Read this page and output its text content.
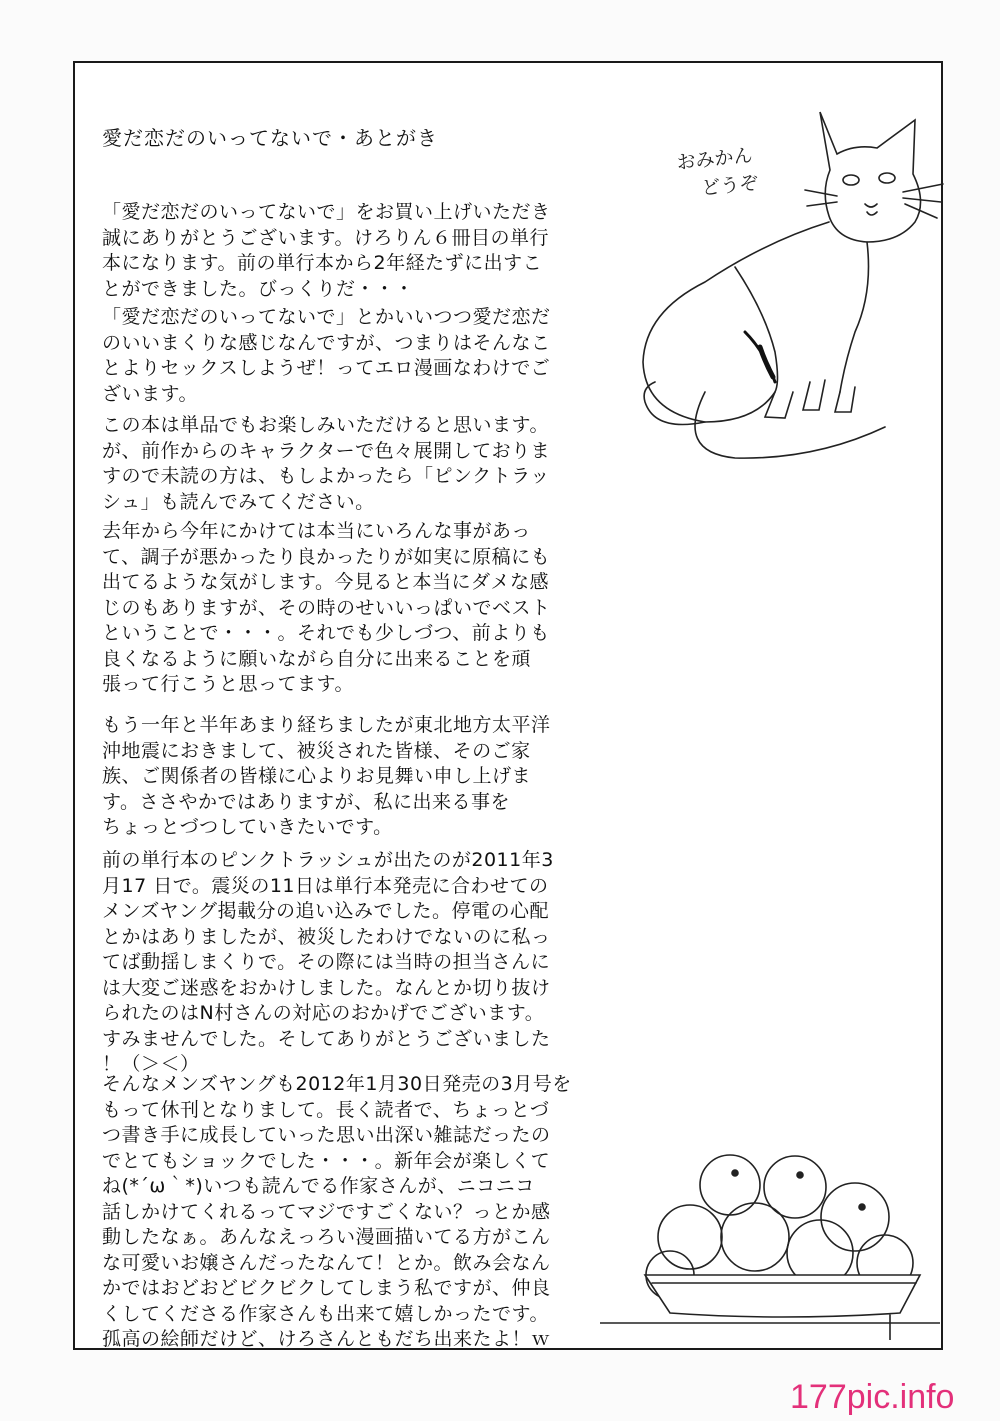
愛だ恋だのいってないで・あとがき
おみかん
どうぞ
「愛だ恋だのいってないで」をお買い上げいただき
誠にありがとうございます。けろりん６冊目の単行
本になります。前の単行本から2年経たずに出すこ
とができました。びっくりだ・・・
「愛だ恋だのいってないで」とかいいつつ愛だ恋だ
のいいまくりな感じなんですが、つまりはそんなこ
とよりセックスしようぜ！ってエロ漫画なわけでご
ざいます。
この本は単品でもお楽しみいただけると思います。
が、前作からのキャラクターで色々展開しておりま
すので未読の方は、もしよかったら「ピンクトラッ
シュ」も読んでみてください。
去年から今年にかけては本当にいろんな事があっ
て、調子が悪かったり良かったりが如実に原稿にも
出てるような気がします。今見ると本当にダメな感
じのもありますが、その時のせいいっぱいでベスト
ということで・・・。それでも少しづつ、前よりも
良くなるように願いながら自分に出来ることを頑
張って行こうと思ってます。
もう一年と半年あまり経ちましたが東北地方太平洋
沖地震におきまして、被災された皆様、そのご家
族、ご関係者の皆様に心よりお見舞い申し上げま
す。ささやかではありますが、私に出来る事を
ちょっとづつしていきたいです。
前の単行本のピンクトラッシュが出たのが2011年3
月17 日で。震災の11日は単行本発売に合わせての
メンズヤング掲載分の追い込みでした。停電の心配
とかはありましたが、被災したわけでないのに私っ
てば動揺しまくりで。その際には当時の担当さんに
は大変ご迷惑をおかけしました。なんとか切り抜け
られたのはN村さんの対応のおかげでございます。
すみませんでした。そしてありがとうございました
！（＞＜）
そんなメンズヤングも2012年1月30日発売の3月号を
もって休刊となりまして。長く読者で、ちょっとづ
つ書き手に成長していった思い出深い雑誌だったの
でとてもショックでした・・・。新年会が楽しくて
ね(*´ω｀*)いつも読んでる作家さんが、ニコニコ
話しかけてくれるってマジですごくない？っとか感
動したなぁ。あんなえっろい漫画描いてる方がこん
な可愛いお嬢さんだったなんて！とか。飲み会なん
かではおどおどビクビクしてしまう私ですが、仲良
くしてくださる作家さんも出来て嬉しかったです。
孤高の絵師だけど、けろさんともだち出来たよ！ｗ
177pic.info
